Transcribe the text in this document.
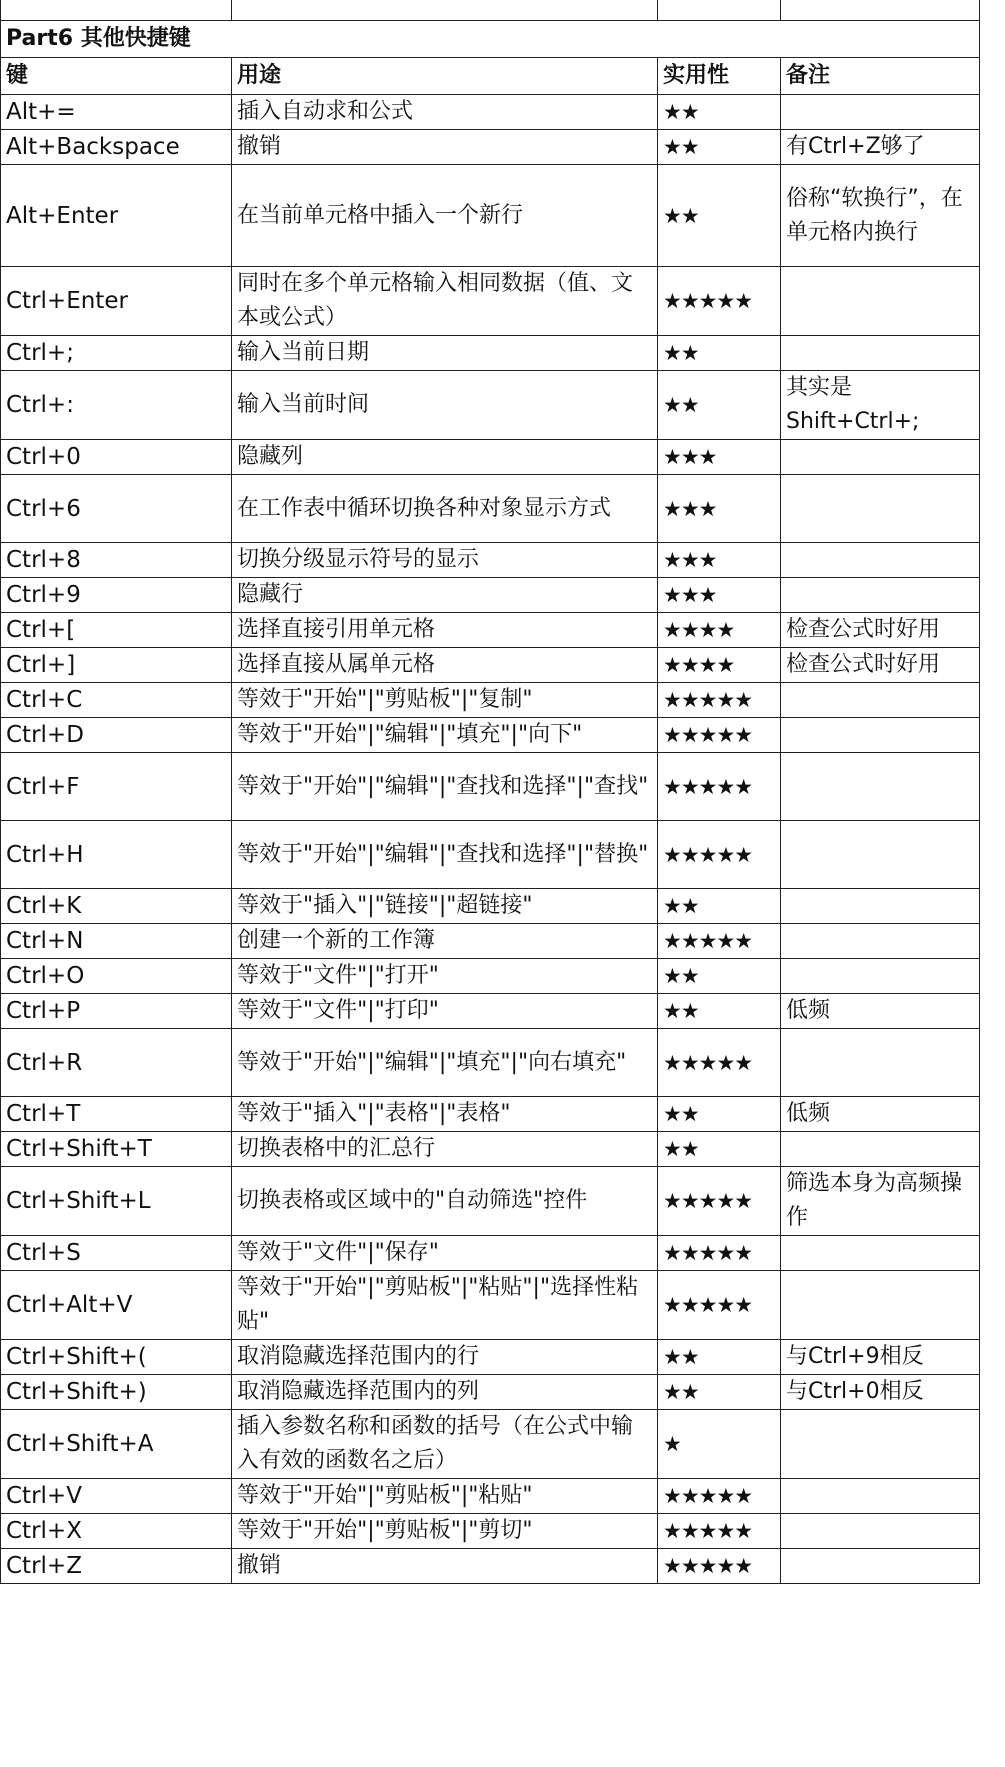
Part6 其他快捷键			
键	用途	实用性	备注
Alt+=	插入自动求和公式	★★	
Alt+Backspace	撤销	★★	有Ctrl+Z够了
Alt+Enter	在当前单元格中插入一个新行	★★	俗称“软换行”，在单元格内换行
Ctrl+Enter	同时在多个单元格输入相同数据（值、文本或公式）	★★★★★	
Ctrl+;	输入当前日期	★★	
Ctrl+:	输入当前时间	★★	其实是Shift+Ctrl+;
Ctrl+0	隐藏列	★★★	
Ctrl+6	在工作表中循环切换各种对象显示方式	★★★	
Ctrl+8	切换分级显示符号的显示	★★★	
Ctrl+9	隐藏行	★★★	
Ctrl+[	选择直接引用单元格	★★★★	检查公式时好用
Ctrl+]	选择直接从属单元格	★★★★	检查公式时好用
Ctrl+C	等效于"开始"|"剪贴板"|"复制"	★★★★★	
Ctrl+D	等效于"开始"|"编辑"|"填充"|"向下"	★★★★★	
Ctrl+F	等效于"开始"|"编辑"|"查找和选择"|"查找"	★★★★★	
Ctrl+H	等效于"开始"|"编辑"|"查找和选择"|"替换"	★★★★★	
Ctrl+K	等效于"插入"|"链接"|"超链接"	★★	
Ctrl+N	创建一个新的工作簿	★★★★★	
Ctrl+O	等效于"文件"|"打开"	★★	
Ctrl+P	等效于"文件"|"打印"	★★	低频
Ctrl+R	等效于"开始"|"编辑"|"填充"|"向右填充"	★★★★★	
Ctrl+T	等效于"插入"|"表格"|"表格"	★★	低频
Ctrl+Shift+T	切换表格中的汇总行	★★	
Ctrl+Shift+L	切换表格或区域中的"自动筛选"控件	★★★★★	筛选本身为高频操作
Ctrl+S	等效于"文件"|"保存"	★★★★★	
Ctrl+Alt+V	等效于"开始"|"剪贴板"|"粘贴"|"选择性粘贴"	★★★★★	
Ctrl+Shift+(	取消隐藏选择范围内的行	★★	与Ctrl+9相反
Ctrl+Shift+)	取消隐藏选择范围内的列	★★	与Ctrl+0相反
Ctrl+Shift+A	插入参数名称和函数的括号（在公式中输入有效的函数名之后）	★	
Ctrl+V	等效于"开始"|"剪贴板"|"粘贴"	★★★★★	
Ctrl+X	等效于"开始"|"剪贴板"|"剪切"	★★★★★	
Ctrl+Z	撤销	★★★★★	
